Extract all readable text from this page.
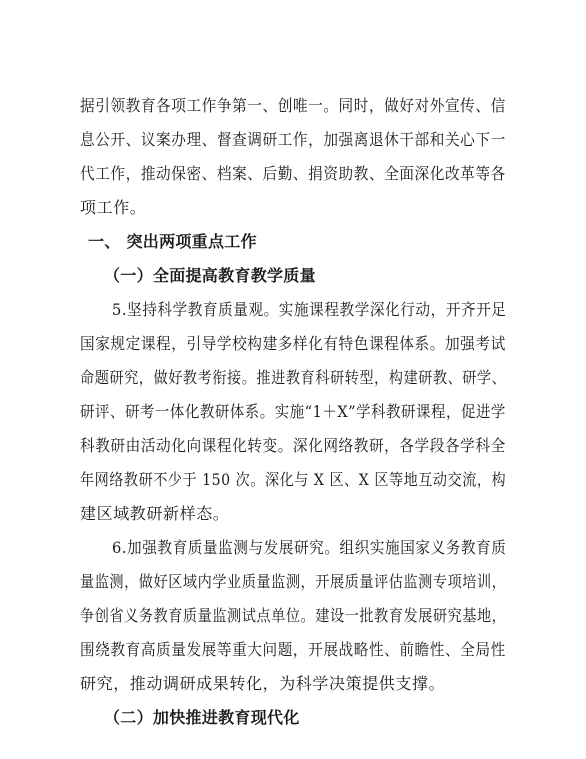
据引领教育各项工作争第一、创唯一。同时，做好对外宣传、信
息公开、议案办理、督查调研工作，加强离退休干部和关心下一
代工作，推动保密、档案、后勤、捐资助教、全面深化改革等各
项工作。
一、 突出两项重点工作
（一）全面提高教育教学质量
5.坚持科学教育质量观。实施课程教学深化行动，开齐开足
国家规定课程，引导学校构建多样化有特色课程体系。加强考试
命题研究，做好教考衔接。推进教育科研转型，构建研教、研学、
研评、研考一体化教研体系。实施“1＋X”学科教研课程，促进学
科教研由活动化向课程化转变。深化网络教研，各学段各学科全
年网络教研不少于 150 次。深化与 X 区、X 区等地互动交流，构
建区域教研新样态。
6.加强教育质量监测与发展研究。组织实施国家义务教育质
量监测，做好区域内学业质量监测，开展质量评估监测专项培训，
争创省义务教育质量监测试点单位。建设一批教育发展研究基地，
围绕教育高质量发展等重大问题，开展战略性、前瞻性、全局性
研究，推动调研成果转化，为科学决策提供支撑。
（二）加快推进教育现代化
